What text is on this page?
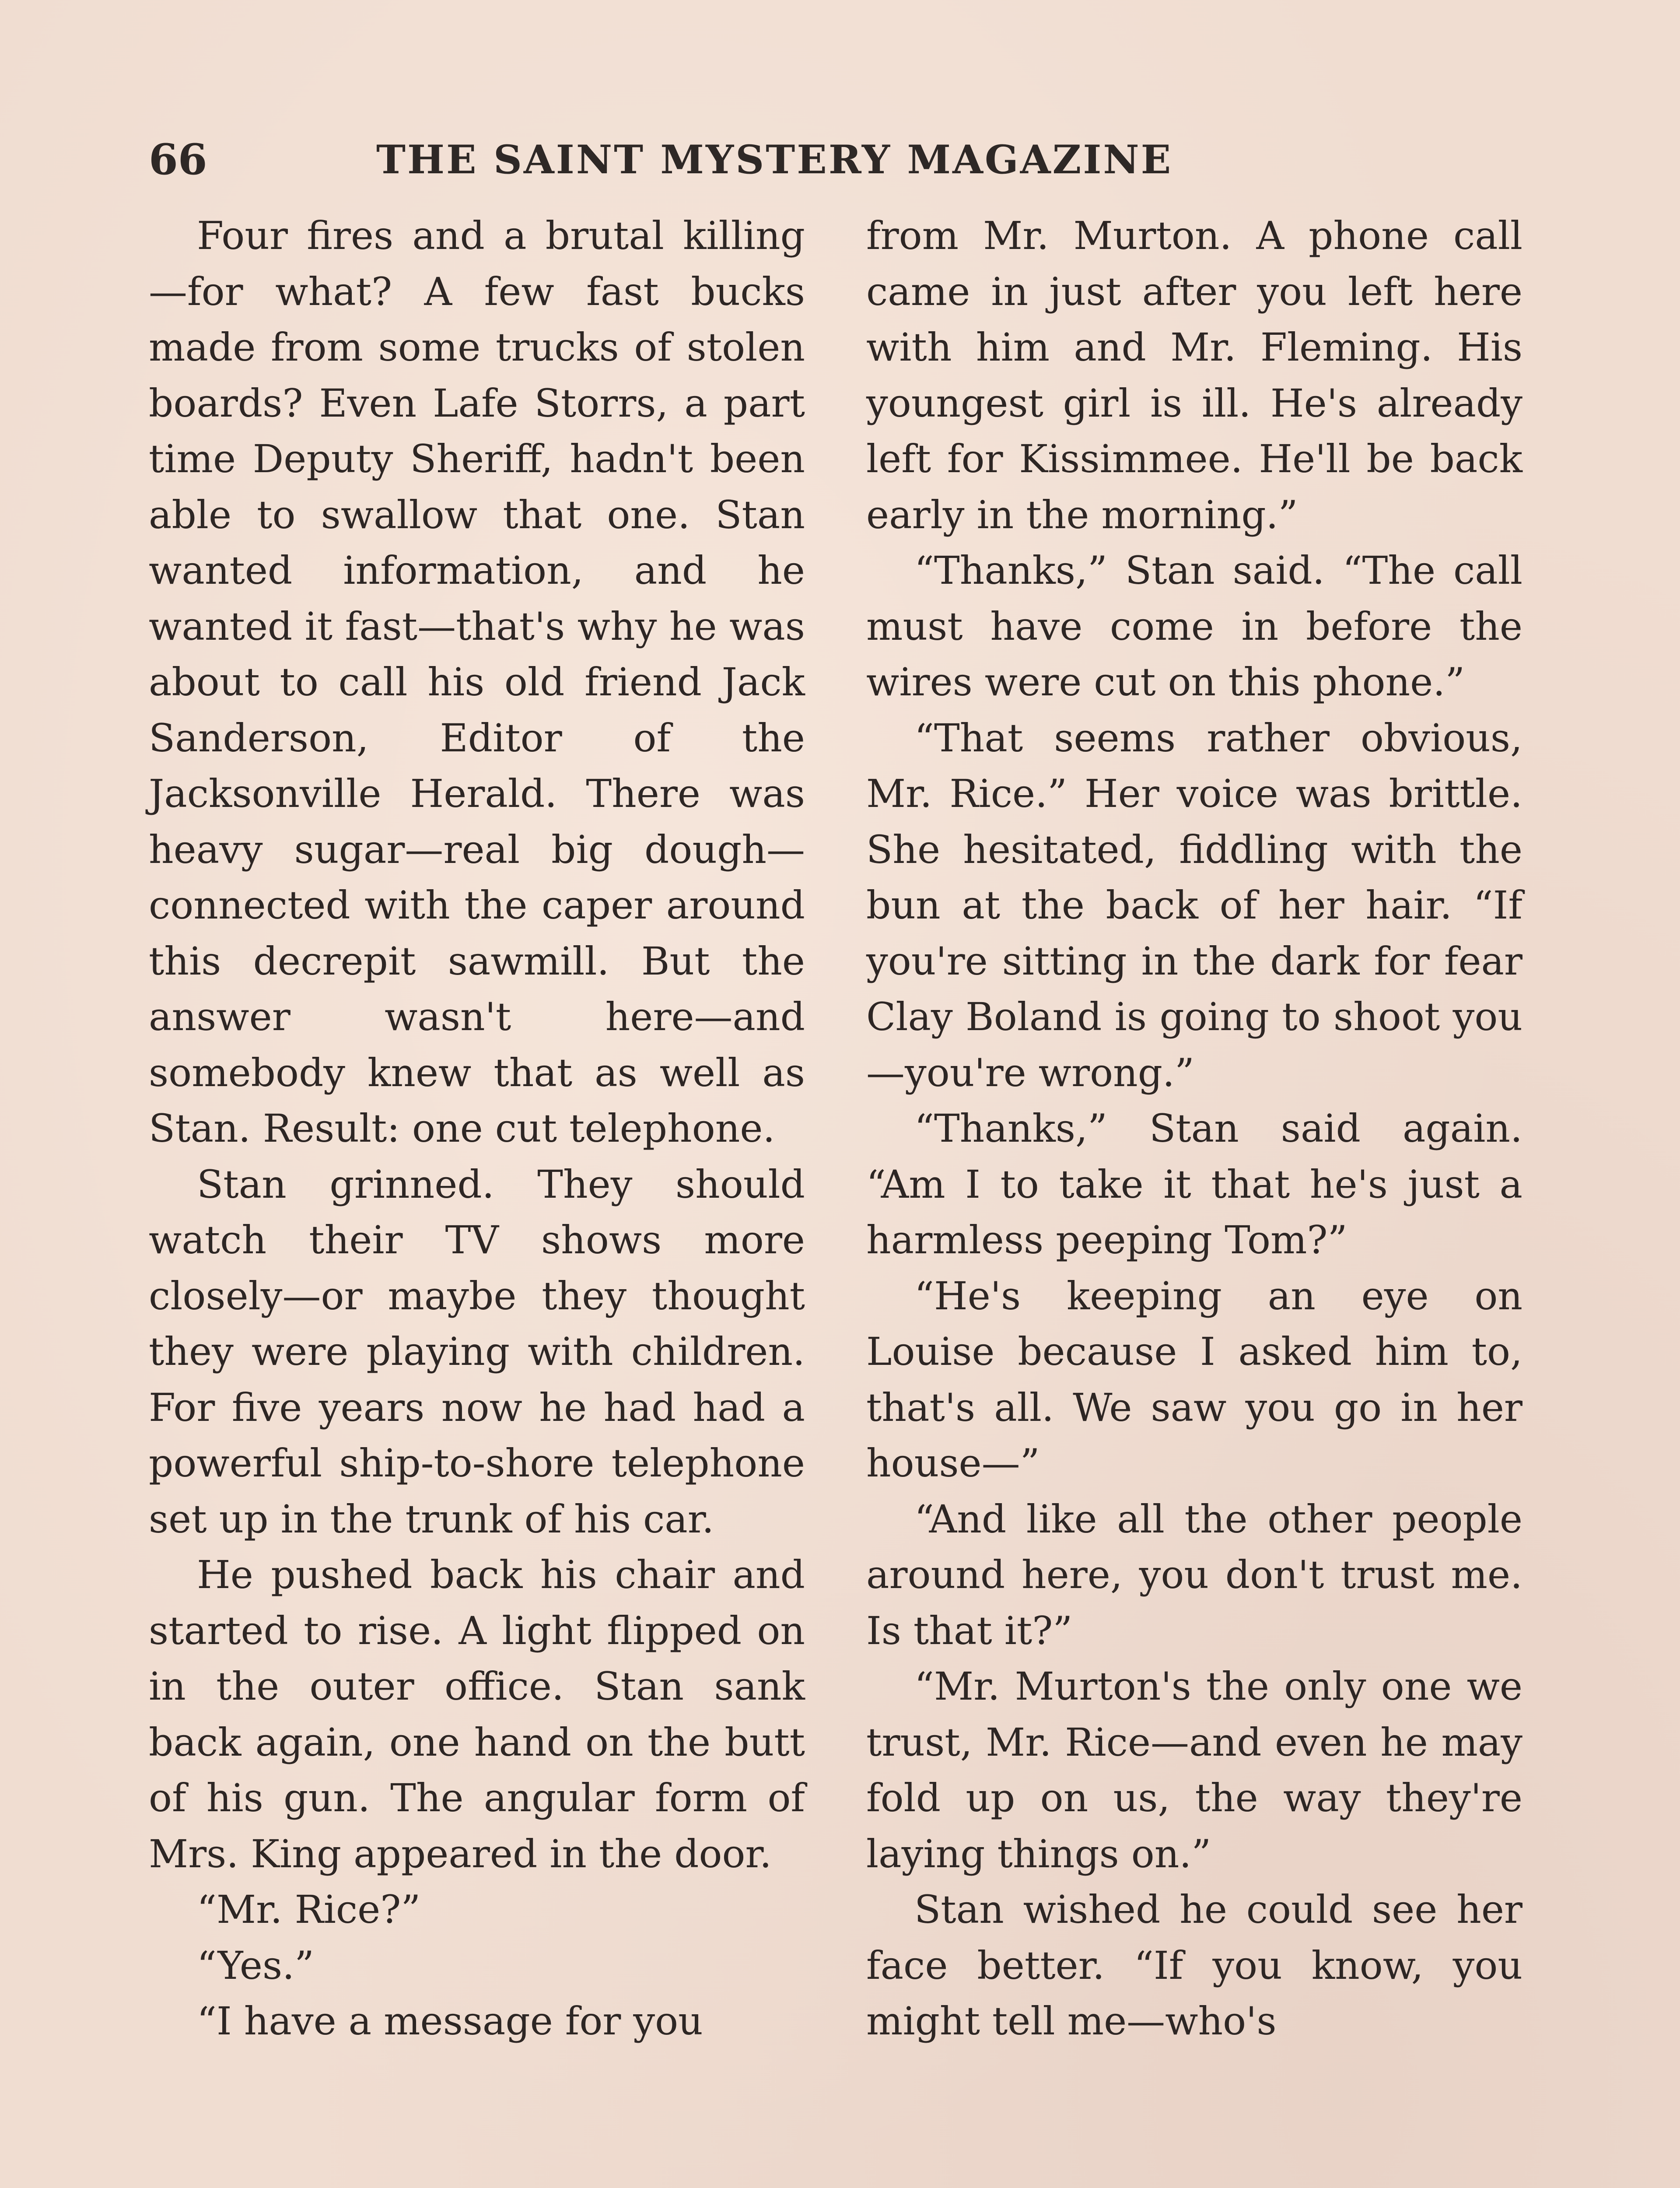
66	THE SAINT MYSTERY MAGAZINE

Four fires and a brutal killing—for what? A few fast bucks made from some trucks of stolen boards? Even Lafe Storrs, a part time Deputy Sheriff, hadn't been able to swallow that one. Stan wanted information, and he wanted it fast—that's why he was about to call his old friend Jack Sanderson, Editor of the Jacksonville Herald. There was heavy sugar—real big dough—connected with the caper around this decrepit sawmill. But the answer wasn't here—and somebody knew that as well as Stan. Result: one cut telephone.

Stan grinned. They should watch their TV shows more closely—or maybe they thought they were playing with children. For five years now he had had a powerful ship-to-shore telephone set up in the trunk of his car.

He pushed back his chair and started to rise. A light flipped on in the outer office. Stan sank back again, one hand on the butt of his gun. The angular form of Mrs. King appeared in the door.

“Mr. Rice?”

“Yes.”

“I have a message for you

from Mr. Murton. A phone call came in just after you left here with him and Mr. Fleming. His youngest girl is ill. He's already left for Kissimmee. He'll be back early in the morning.”

“Thanks,” Stan said. “The call must have come in before the wires were cut on this phone.”

“That seems rather obvious, Mr. Rice.” Her voice was brittle. She hesitated, fiddling with the bun at the back of her hair. “If you're sitting in the dark for fear Clay Boland is going to shoot you—you're wrong.”

“Thanks,” Stan said again. “Am I to take it that he's just a harmless peeping Tom?”

“He's keeping an eye on Louise because I asked him to, that's all. We saw you go in her house—”

“And like all the other people around here, you don't trust me. Is that it?”

“Mr. Murton's the only one we trust, Mr. Rice—and even he may fold up on us, the way they're laying things on.”

Stan wished he could see her face better. “If you know, you might tell me—who's
